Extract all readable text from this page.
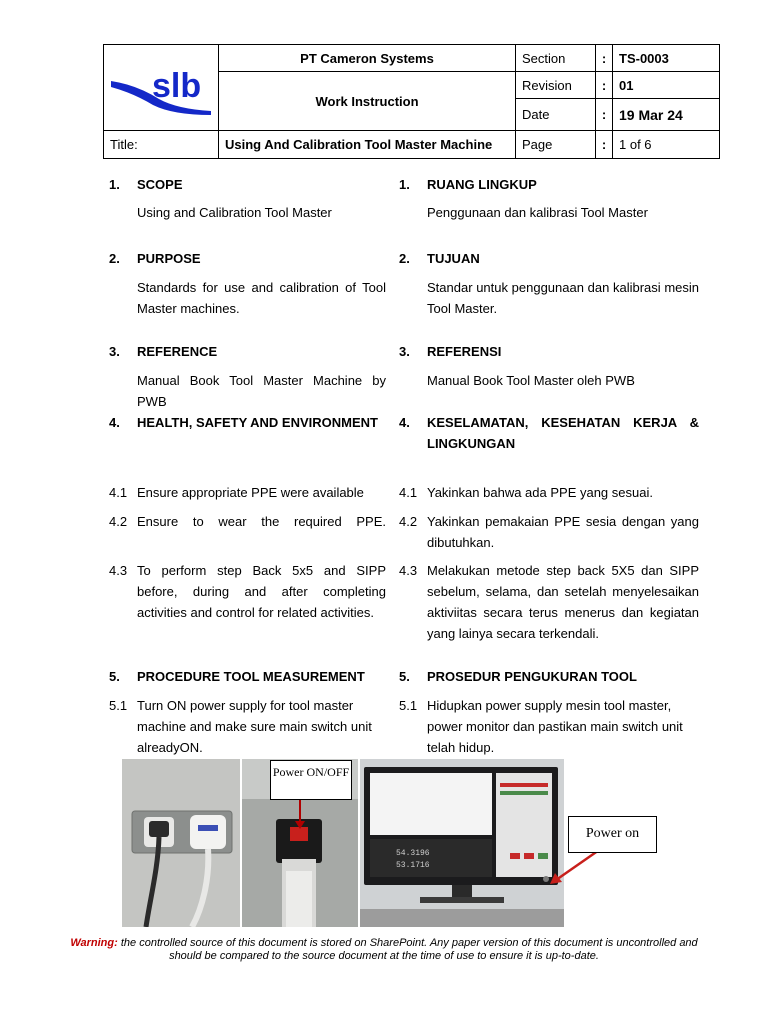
slb	PT Cameron Systems	Section	:	TS-0003
	Work Instruction	Revision	:	01
		Date	:	19 Mar 24
Title:	Using And Calibration Tool Master Machine	Page	:	1 of 6
1.	SCOPE
Using and Calibration Tool Master
2.	PURPOSE
Standards for use and calibration of Tool Master machines.
3.	REFERENCE
Manual Book Tool Master Machine by PWB
4.	HEALTH, SAFETY AND ENVIRONMENT
4.1 Ensure appropriate PPE were available
4.2 Ensure to wear the required PPE.
4.3 To perform step Back 5x5 and SIPP before, during and after completing activities and control for related activities.
5.	PROCEDURE TOOL MEASUREMENT
5.1 Turn ON power supply for tool master machine and make sure main switch unit alreadyON.
1.	RUANG LINGKUP
Penggunaan dan kalibrasi Tool Master
2.	TUJUAN
Standar untuk penggunaan dan kalibrasi mesin Tool Master.
3.	REFERENSI
Manual Book Tool Master oleh PWB
4.	KESELAMATAN, KESEHATAN KERJA & LINGKUNGAN
4.1 Yakinkan bahwa ada PPE yang sesuai.
4.2 Yakinkan pemakaian PPE sesia dengan yang dibutuhkan.
4.3 Melakukan metode step back 5X5 dan SIPP sebelum, selama, dan setelah menyelesaikan aktiviitas secara terus menerus dan kegiatan yang lainya secara terkendali.
5.	PROSEDUR PENGUKURAN TOOL
5.1 Hidupkan power supply mesin tool master, power monitor dan pastikan main switch unit telah hidup.
54.3196
53.1716
Power ON/OFF
Power on
Warning: the controlled source of this document is stored on SharePoint. Any paper version of this document is uncontrolled and should be compared to the source document at the time of use to ensure it is up-to-date.
